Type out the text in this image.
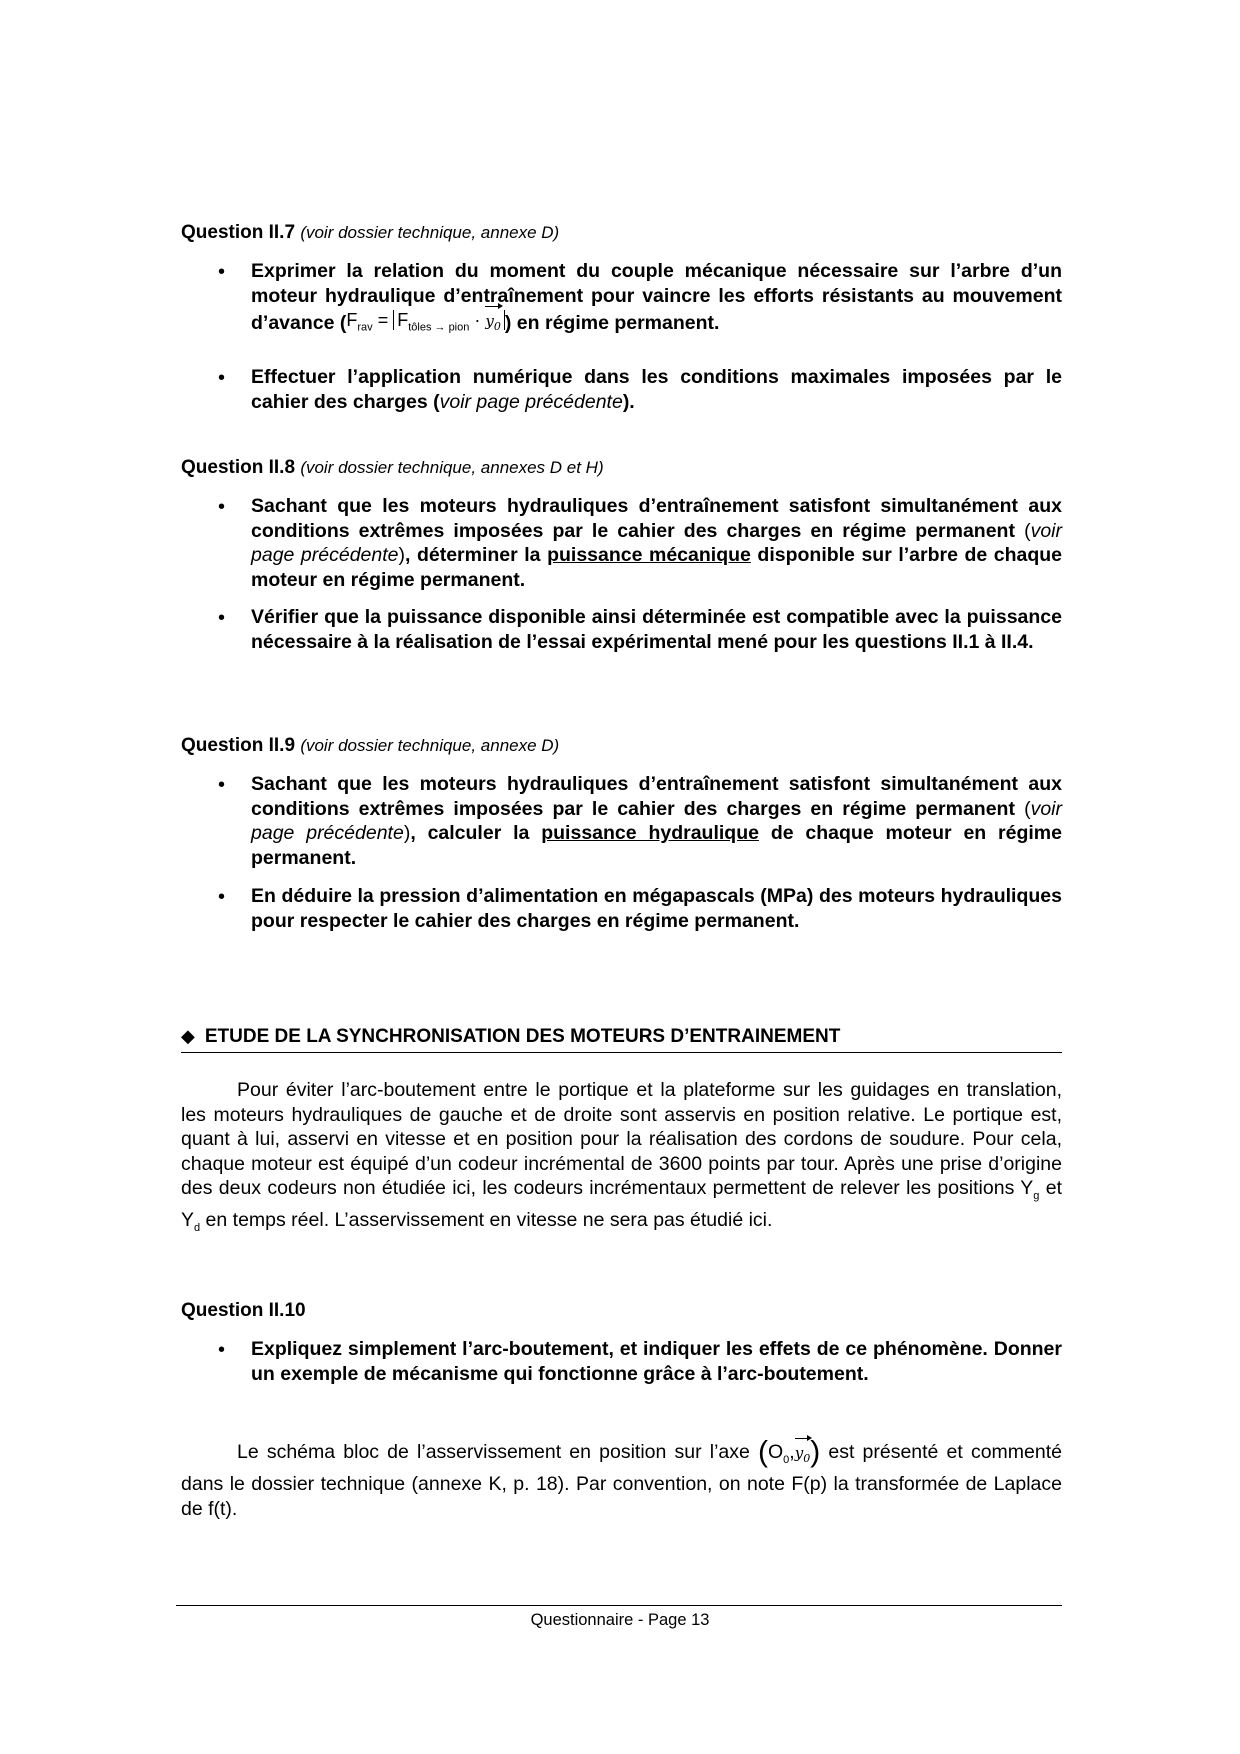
Question II.7 (voir dossier technique, annexe D)
• Exprimer la relation du moment du couple mécanique nécessaire sur l’arbre d’un moteur hydraulique d’entraînement pour vaincre les efforts résistants au mouvement d’avance ($F_{rav} = F_{tôles \to pion} \cdot y_0$ ) en régime permanent.
• Effectuer l’application numérique dans les conditions maximales imposées par le cahier des charges (voir page précédente).
Question II.8 (voir dossier technique, annexes D et H)
• Sachant que les moteurs hydrauliques d’entraînement satisfont simultanément aux conditions extrêmes imposées par le cahier des charges en régime permanent (voir page précédente), déterminer la puissance mécanique disponible sur l’arbre de chaque moteur en régime permanent.
• Vérifier que la puissance disponible ainsi déterminée est compatible avec la puissance nécessaire à la réalisation de l’essai expérimental mené pour les questions II.1 à II.4.
Question II.9 (voir dossier technique, annexe D)
• Sachant que les moteurs hydrauliques d’entraînement satisfont simultanément aux conditions extrêmes imposées par le cahier des charges en régime permanent (voir page précédente), calculer la puissance hydraulique de chaque moteur en régime permanent.
• En déduire la pression d’alimentation en mégapascals (MPa) des moteurs hydrauliques pour respecter le cahier des charges en régime permanent.
◆ ETUDE DE LA SYNCHRONISATION DES MOTEURS D’ENTRAINEMENT
Pour éviter l’arc-boutement entre le portique et la plateforme sur les guidages en translation, les moteurs hydrauliques de gauche et de droite sont asservis en position relative. Le portique est, quant à lui, asservi en vitesse et en position pour la réalisation des cordons de soudure. Pour cela, chaque moteur est équipé d’un codeur incrémental de 3600 points par tour. Après une prise d’origine des deux codeurs non étudiée ici, les codeurs incrémentaux permettent de relever les positions $Y_g$ et $Y_d$ en temps réel. L’asservissement en vitesse ne sera pas étudié ici.
Question II.10
• Expliquez simplement l’arc-boutement, et indiquer les effets de ce phénomène. Donner un exemple de mécanisme qui fonctionne grâce à l’arc-boutement.
Le schéma bloc de l’asservissement en position sur l’axe $(O_0,y_0)$ est présenté et commenté dans le dossier technique (annexe K, p. 18). Par convention, on note F(p) la transformée de Laplace de f(t).
Questionnaire - Page 13
